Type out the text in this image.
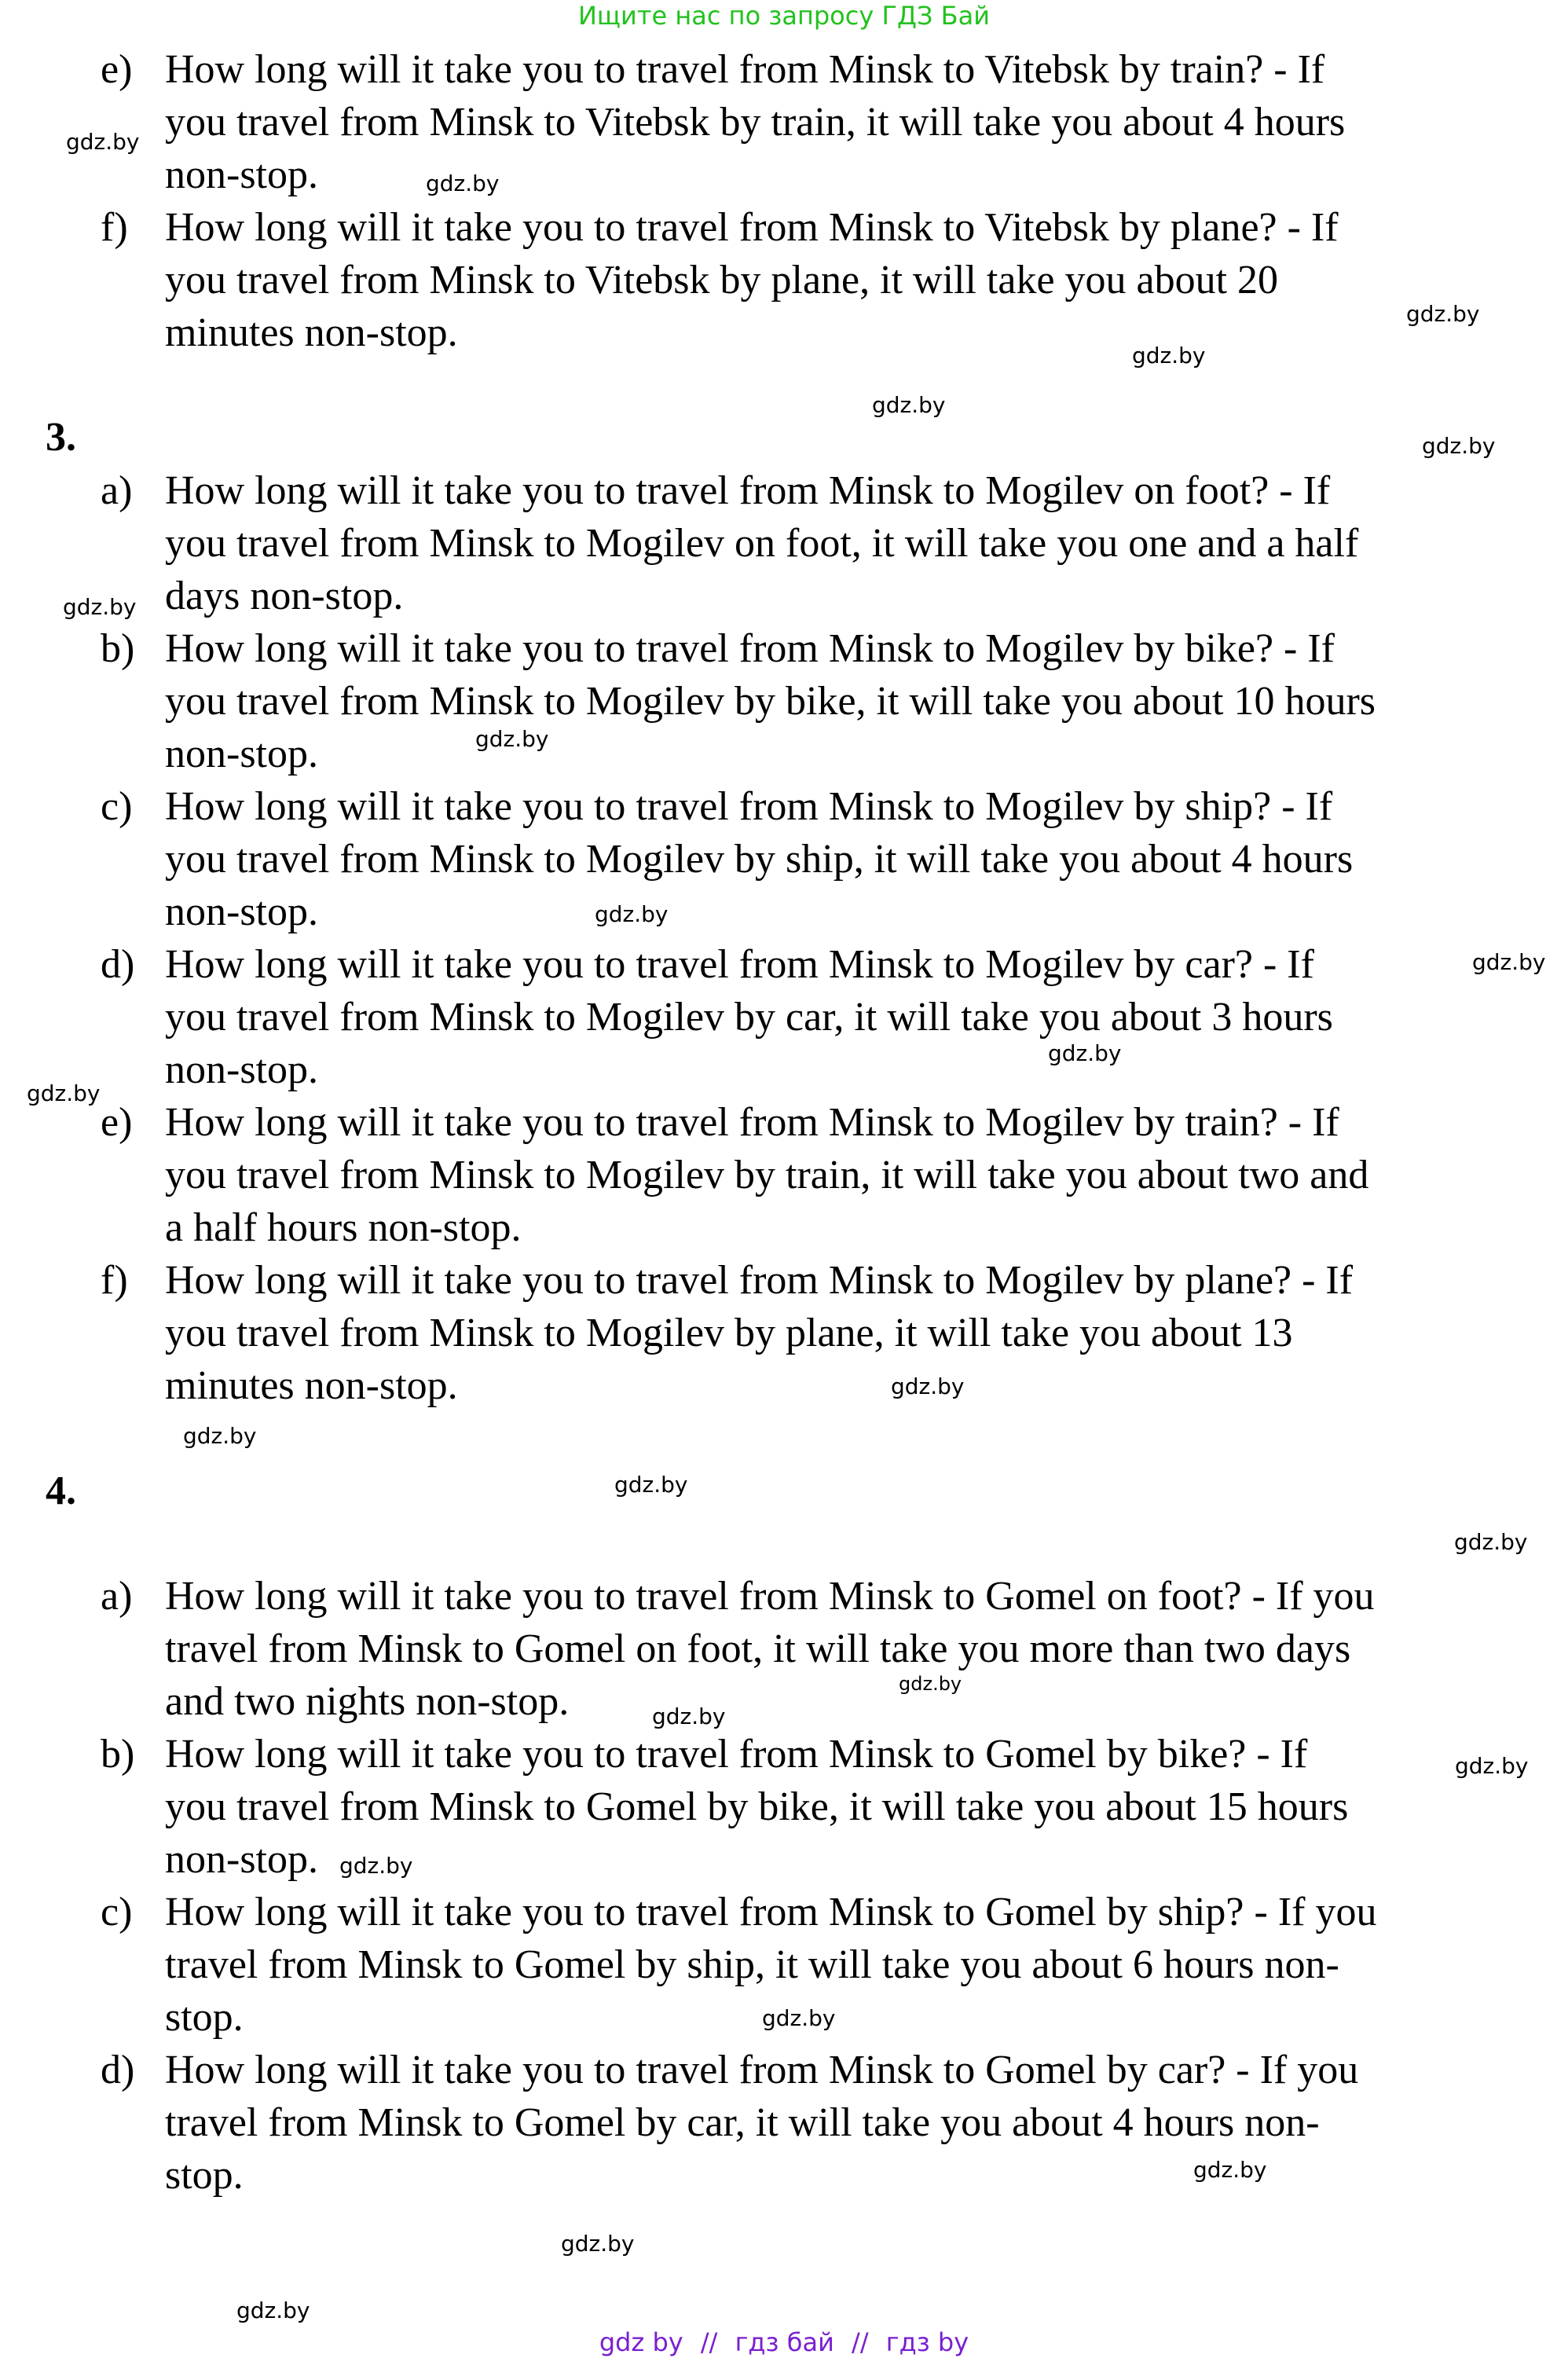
Ищите нас по запросу ГДЗ Бай
e) How long will it take you to travel from Minsk to Vitebsk by train? - If
you travel from Minsk to Vitebsk by train, it will take you about 4 hours
non-stop.
f) How long will it take you to travel from Minsk to Vitebsk by plane? - If
you travel from Minsk to Vitebsk by plane, it will take you about 20
minutes non-stop.
3.
a) How long will it take you to travel from Minsk to Mogilev on foot? - If
you travel from Minsk to Mogilev on foot, it will take you one and a half
days non-stop.
b) How long will it take you to travel from Minsk to Mogilev by bike? - If
you travel from Minsk to Mogilev by bike, it will take you about 10 hours
non-stop.
c) How long will it take you to travel from Minsk to Mogilev by ship? - If
you travel from Minsk to Mogilev by ship, it will take you about 4 hours
non-stop.
d) How long will it take you to travel from Minsk to Mogilev by car? - If
you travel from Minsk to Mogilev by car, it will take you about 3 hours
non-stop.
e) How long will it take you to travel from Minsk to Mogilev by train? - If
you travel from Minsk to Mogilev by train, it will take you about two and
a half hours non-stop.
f) How long will it take you to travel from Minsk to Mogilev by plane? - If
you travel from Minsk to Mogilev by plane, it will take you about 13
minutes non-stop.
4.
a) How long will it take you to travel from Minsk to Gomel on foot? - If you
travel from Minsk to Gomel on foot, it will take you more than two days
and two nights non-stop.
b) How long will it take you to travel from Minsk to Gomel by bike? - If
you travel from Minsk to Gomel by bike, it will take you about 15 hours
non-stop.
c) How long will it take you to travel from Minsk to Gomel by ship? - If you
travel from Minsk to Gomel by ship, it will take you about 6 hours non-
stop.
d) How long will it take you to travel from Minsk to Gomel by car? - If you
travel from Minsk to Gomel by car, it will take you about 4 hours non-
stop.
gdz.by
gdz.by
gdz.by
gdz.by
gdz.by
gdz.by
gdz.by
gdz.by
gdz.by
gdz.by
gdz.by
gdz.by
gdz.by
gdz.by
gdz.by
gdz.by
gdz.by
gdz.by
gdz.by
gdz.by
gdz.by
gdz.by
gdz.by
gdz.by
gdz by // гдз бай // гдз by
